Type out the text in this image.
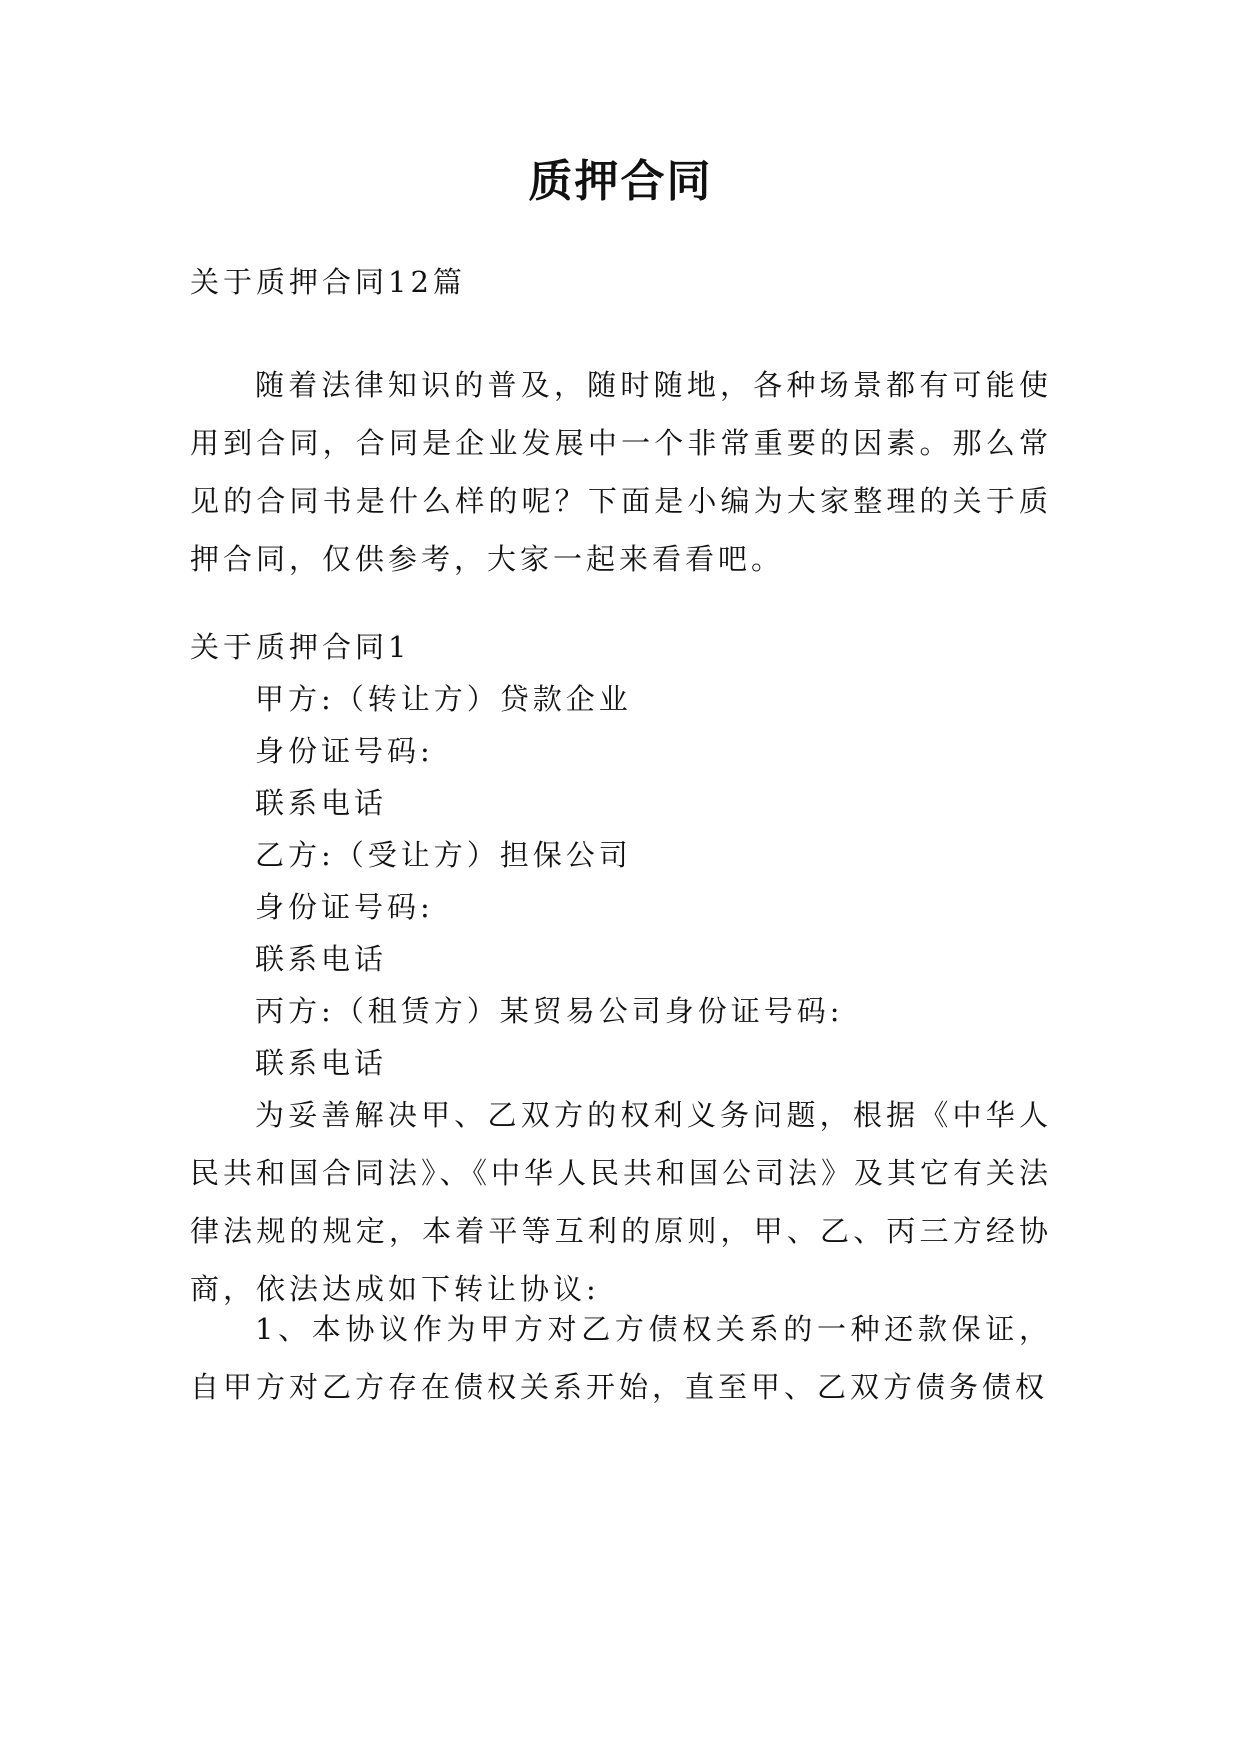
质押合同

关于质押合同12篇

随着法律知识的普及，随时随地，各种场景都有可能使用到合同，合同是企业发展中一个非常重要的因素。那么常见的合同书是什么样的呢？下面是小编为大家整理的关于质押合同，仅供参考，大家一起来看看吧。

关于质押合同1

甲方:（转让方）贷款企业

身份证号码:

联系电话

乙方:（受让方）担保公司

身份证号码:

联系电话

丙方:（租赁方）某贸易公司身份证号码:

联系电话

为妥善解决甲、乙双方的权利义务问题，根据《中华人民共和国合同法》、《中华人民共和国公司法》及其它有关法律法规的规定，本着平等互利的原则，甲、乙、丙三方经协商，依法达成如下转让协议:

1、本协议作为甲方对乙方债权关系的一种还款保证，自甲方对乙方存在债权关系开始，直至甲、乙双方债务债权
